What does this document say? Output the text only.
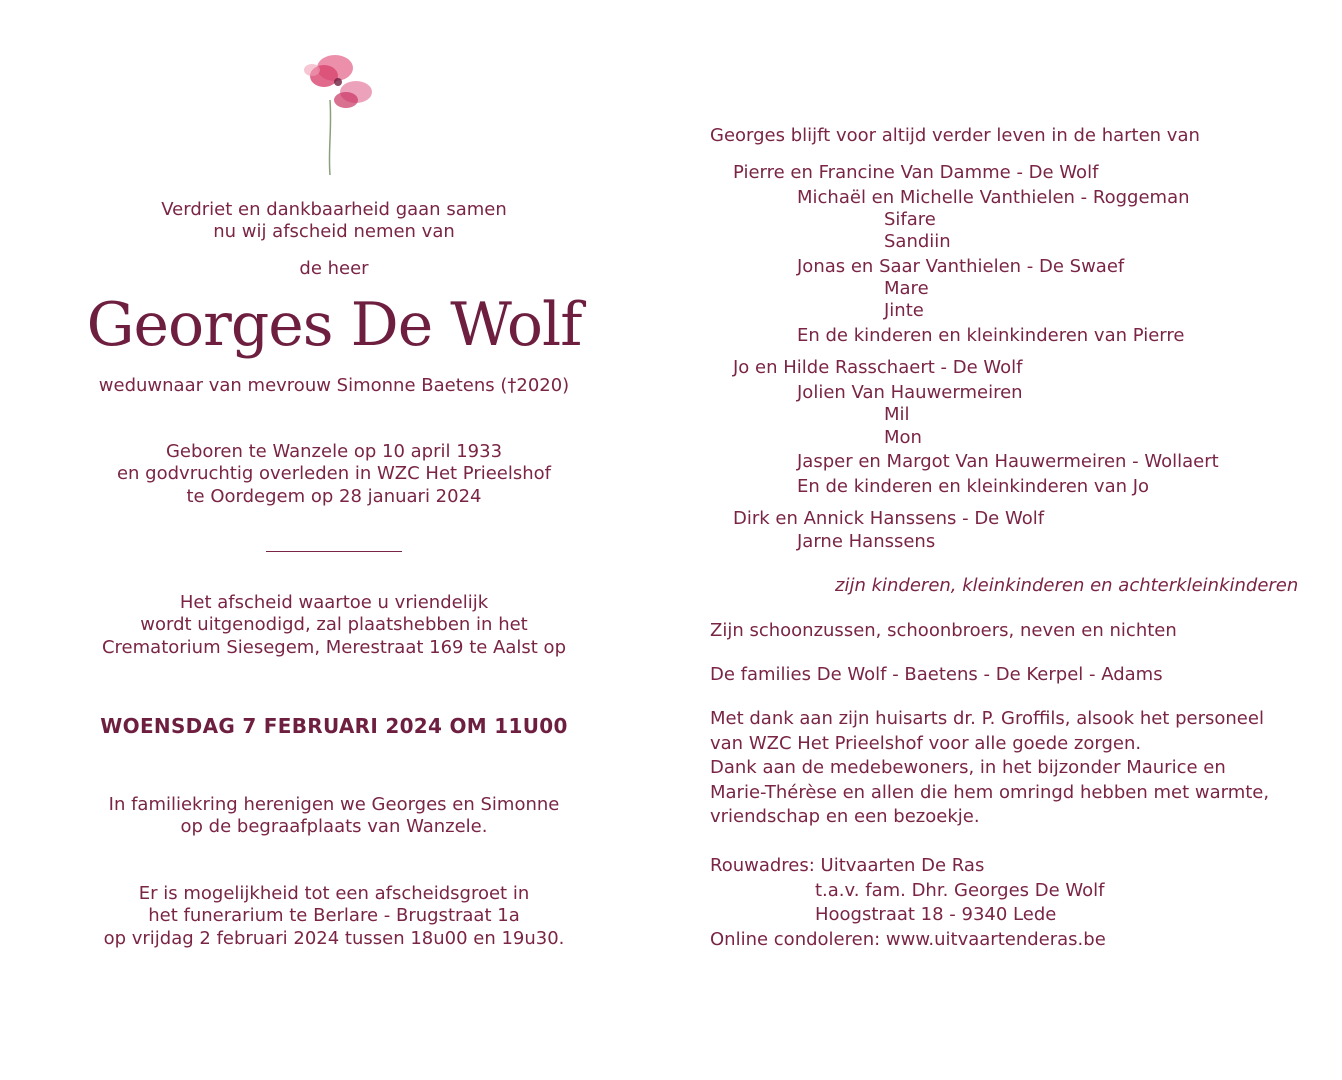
Verdriet en dankbaarheid gaan samen
nu wij afscheid nemen van
de heer
Georges De Wolf
weduwnaar van mevrouw Simonne Baetens (†2020)
Geboren te Wanzele op 10 april 1933
en godvruchtig overleden in WZC Het Prieelshof
te Oordegem op 28 januari 2024
Het afscheid waartoe u vriendelijk
wordt uitgenodigd, zal plaatshebben in het
Crematorium Siesegem, Merestraat 169 te Aalst op
WOENSDAG 7 FEBRUARI 2024 OM 11U00
In familiekring herenigen we Georges en Simonne
op de begraafplaats van Wanzele.
Er is mogelijkheid tot een afscheidsgroet in
het funerarium te Berlare - Brugstraat 1a
op vrijdag 2 februari 2024 tussen 18u00 en 19u30.
Georges blijft voor altijd verder leven in de harten van
Pierre en Francine Van Damme - De Wolf
Michaël en Michelle Vanthielen - Roggeman
Sifare
Sandiin
Jonas en Saar Vanthielen - De Swaef
Mare
Jinte
En de kinderen en kleinkinderen van Pierre
Jo en Hilde Rasschaert - De Wolf
Jolien Van Hauwermeiren
Mil
Mon
Jasper en Margot Van Hauwermeiren - Wollaert
En de kinderen en kleinkinderen van Jo
Dirk en Annick Hanssens - De Wolf
Jarne Hanssens
zijn kinderen, kleinkinderen en achterkleinkinderen
Zijn schoonzussen, schoonbroers, neven en nichten
De families De Wolf - Baetens - De Kerpel - Adams
Met dank aan zijn huisarts dr. P. Groffils, alsook het personeel
van WZC Het Prieelshof voor alle goede zorgen.
Dank aan de medebewoners, in het bijzonder Maurice en
Marie-Thérèse en allen die hem omringd hebben met warmte,
vriendschap en een bezoekje.
Rouwadres: Uitvaarten De Ras
t.a.v. fam. Dhr. Georges De Wolf
Hoogstraat 18 - 9340 Lede
Online condoleren: www.uitvaartenderas.be
